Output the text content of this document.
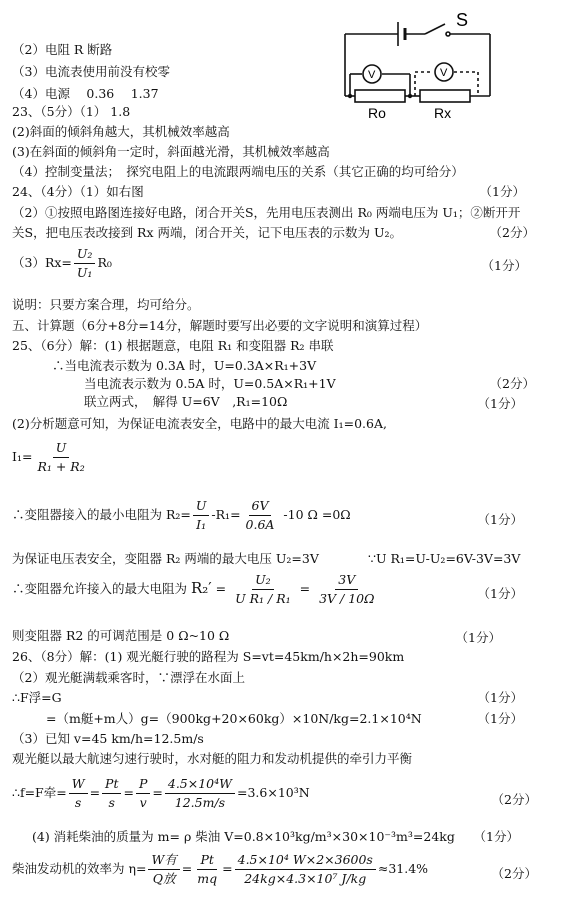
S
V	V
Ro	Rx
（2）电阻 R 断路
（3）电流表使用前没有校零
（4）电源　 0.36　 1.37
23、（5分）（1） 1.8
(2)斜面的倾斜角越大，其机械效率越高
(3)在斜面的倾斜角一定时，斜面越光滑，其机械效率越高
（4）控制变量法；　探究电阻上的电流跟两端电压的关系（其它正确的均可给分）
24、（4分）（1）如右图	（1分）
（2）①按照电路图连接好电路，闭合开关S，先用电压表测出 R₀ 两端电压为 U₁；②断开开
关S，把电压表改接到 Rx 两端，闭合开关，记下电压表的示数为 U₂。	（2分）
$(3)Rx= \frac{\text{U₂}}{\text{U₁}} R_0$	（1分）
说明：只要方案合理，均可给分。
五、计算题（6分+8分=14分，解题时要写出必要的文字说明和演算过程）
25、（6分）解：(1) 根据题意，电阻 R₁ 和变阻器 R₂ 串联
∴当电流表示数为 0.3A 时，U=0.3A×R₁+3V
当电流表示数为 0.5A 时，U=0.5A×R₁+1V	（2分）
联立两式，　解得 U=6V　,R₁=10Ω	（1分）
(2)分析题意可知，为保证电流表安全，电路中的最大电流 I₁=0.6A,
$I_1= \frac{U}{\text{R₁ + R₂}}$
∴变阻器接入的最小电阻为 $R_2= \frac{U}{\text{I₁}} -R_1= \frac{6V}{0.6A} -10$ Ω =0Ω	（1分）
为保证电压表安全，变阻器 R₂ 两端的最大电压 U₂=3V	∵U R₁=U-U₂=6V-3V=3V
∴变阻器允许接入的最大电阻为 $R_2' = \frac{\text{U₂}}{\text{U R₁ / R₁}} = \frac{3V}{3V / 10\Omega}$	（1分）
则变阻器 R2 的可调范围是 0 Ω~10 Ω	（1分）
26、（8分）解：(1) 观光艇行驶的路程为 S=vt=45km/h×2h=90km
（2）观光艇满载乘客时，∵漂浮在水面上
∴F浮=G	（1分）
=（m艇+m人）g=（900kg+20×60kg）×10N/kg=2.1×10⁴N	（1分）
（3）已知 v=45 km/h=12.5m/s
观光艇以最大航速匀速行驶时，水对艇的阻力和发动机提供的牵引力平衡
∴f=F牵= $\frac{W}{s} = \frac{Pt}{s} = \frac{P}{v} = \frac{\text{4.5×10⁴W}}{12.5m/s} =3.6\times 10^3N$	（2分）
(4) 消耗柴油的质量为 m= ρ 柴油 V=0.8×10³kg/m³×30×10⁻³m³=24kg （1分）
柴油发动机的效率为 $\eta= \frac{\text{W有}}{\text{Q放}} = \frac{Pt}{mq} = \frac{\text{4.5×10⁴ W×2×3600s}}{\text{24kg×4.3×10⁷ J/kg}} \approx 31.4\%$	（2分）
